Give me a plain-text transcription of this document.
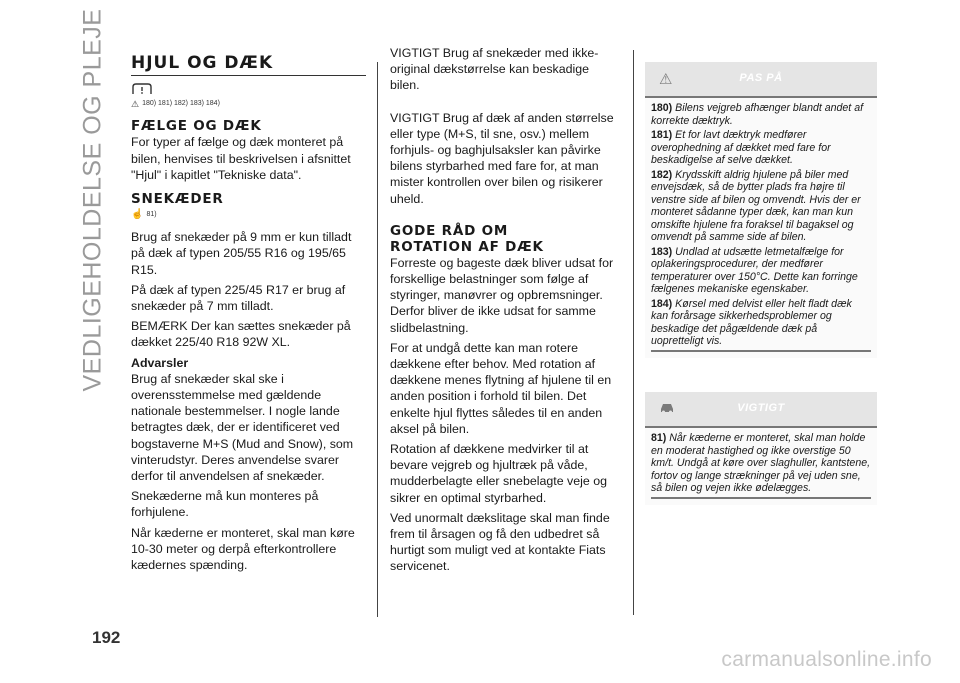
VEDLIGEHOLDELSE OG PLEJE
192
HJUL OG DÆK
⚠ 180) 181) 182) 183) 184)
FÆLGE OG DÆK

For typer af fælge og dæk monteret på bilen, henvises til beskrivelsen i afsnittet "Hjul" i kapitlet "Tekniske data".

SNEKÆDER
☝ 81)

Brug af snekæder på 9 mm er kun tilladt på dæk af typen 205/55 R16 og 195/65 R15.

På dæk af typen 225/45 R17 er brug af snekæder på 7 mm tilladt.

BEMÆRK Der kan sættes snekæder på dækket 225/40 R18 92W XL.

Advarsler

Brug af snekæder skal ske i overensstemmelse med gældende nationale bestemmelser. I nogle lande betragtes dæk, der er identificeret ved bogstaverne M+S (Mud and Snow), som vinterudstyr. Deres anvendelse svarer derfor til anvendelsen af snekæder.

Snekæderne må kun monteres på forhjulene.

Når kæderne er monteret, skal man køre 10-30 meter og derpå efterkontrollere kædernes spænding.

VIGTIGT Brug af snekæder med ikke-original dækstørrelse kan beskadige bilen.

VIGTIGT Brug af dæk af anden størrelse eller type (M+S, til sne, osv.) mellem forhjuls- og baghjulsaksler kan påvirke bilens styrbarhed med fare for, at man mister kontrollen over bilen og risikerer uheld.

GODE RÅD OM
ROTATION AF DÆK

Forreste og bageste dæk bliver udsat for forskellige belastninger som følge af styringer, manøvrer og opbremsninger. Derfor bliver de ikke udsat for samme slidbelastning.

For at undgå dette kan man rotere dækkene efter behov. Med rotation af dækkene menes flytning af hjulene til en anden position i forhold til bilen. Det enkelte hjul flyttes således til en anden aksel på bilen.

Rotation af dækkene medvirker til at bevare vejgreb og hjultræk på våde, mudderbelagte eller snebelagte veje og sikrer en optimal styrbarhed.

Ved unormalt dækslitage skal man finde frem til årsagen og få den udbedret så hurtigt som muligt ved at kontakte Fiats servicenet.

⚠	PAS PÅ
180) Bilens vejgreb afhænger blandt andet af korrekte dæktryk.
181) Et for lavt dæktryk medfører overophedning af dækket med fare for beskadigelse af selve dækket.
182) Krydsskift aldrig hjulene på biler med envejsdæk, så de bytter plads fra højre til venstre side af bilen og omvendt. Hvis der er monteret sådanne typer dæk, kan man kun omskifte hjulene fra foraksel til bagaksel og omvendt på samme side af bilen.
183) Undlad at udsætte letmetalfælge for oplakeringsprocedurer, der medfører temperaturer over 150°C. Dette kan forringe fælgenes mekaniske egenskaber.
184) Kørsel med delvist eller helt fladt dæk kan forårsage sikkerhedsproblemer og beskadige det pågældende dæk på uopretteligt vis.
VIGTIGT
81) Når kæderne er monteret, skal man holde en moderat hastighed og ikke overstige 50 km/t. Undgå at køre over slaghuller, kantstene, fortov og lange strækninger på vej uden sne, så bilen og vejen ikke ødelægges.
carmanualsonline.info
